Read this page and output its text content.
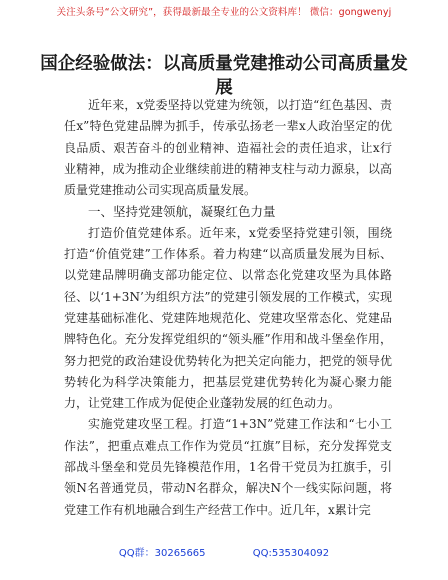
关注头条号“公文研究”，获得最新最全专业的公文资料库！ 微信：gongwenyj
国企经验做法：以高质量党建推动公司高质量发展

近年来，x党委坚持以党建为统领，以打造“红色基因、责任x”特色党建品牌为抓手，传承弘扬老一辈x人政治坚定的优良品质、艰苦奋斗的创业精神、造福社会的责任追求，让x行业精神，成为推动企业继续前进的精神支柱与动力源泉，以高质量党建推动公司实现高质量发展。

一、坚持党建领航，凝聚红色力量

打造价值党建体系。近年来，x党委坚持党建引领，围绕打造“价值党建”工作体系。着力构建“以高质量发展为目标、以党建品牌明确支部功能定位、以常态化党建攻坚为具体路径、以‘1+3N’为组织方法”的党建引领发展的工作模式，实现党建基础标准化、党建阵地规范化、党建攻坚常态化、党建品牌特色化。充分发挥党组织的“领头雁”作用和战斗堡垒作用，努力把党的政治建设优势转化为把关定向能力，把党的领导优势转化为科学决策能力，把基层党建优势转化为凝心聚力能力，让党建工作成为促使企业蓬勃发展的红色动力。

实施党建攻坚工程。打造“1+3N”党建工作法和“七小工作法”，把重点难点工作作为党员“扛旗”目标，充分发挥党支部战斗堡垒和党员先锋模范作用，1名骨干党员为扛旗手，引领N名普通党员，带动N名群众，解决N个一线实际问题，将党建工作有机地融合到生产经营工作中。近几年，x累计完

QQ群：30265665	QQ:535304092
